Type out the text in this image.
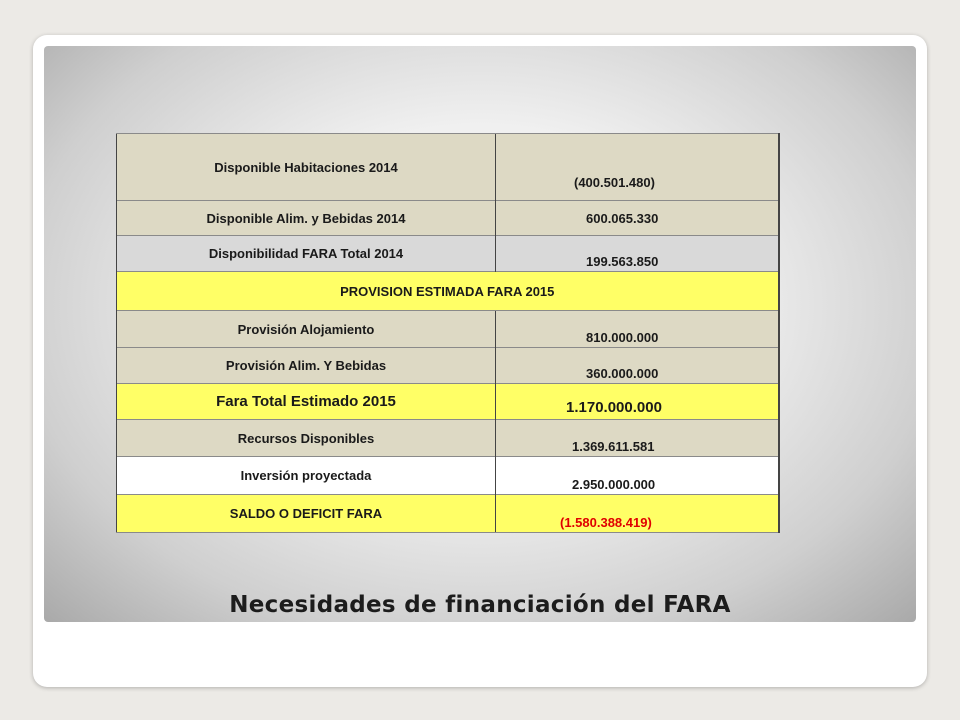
Disponible Habitaciones 2014	(400.501.480)
Disponible Alim. y Bebidas 2014	600.065.330
Disponibilidad FARA Total 2014	199.563.850
PROVISION ESTIMADA FARA 2015	
Provisión Alojamiento	810.000.000
Provisión Alim. Y Bebidas	360.000.000
Fara Total Estimado 2015	1.170.000.000
Recursos Disponibles	1.369.611.581
Inversión proyectada	2.950.000.000
SALDO O DEFICIT FARA	(1.580.388.419)
Necesidades de financiación del FARA
